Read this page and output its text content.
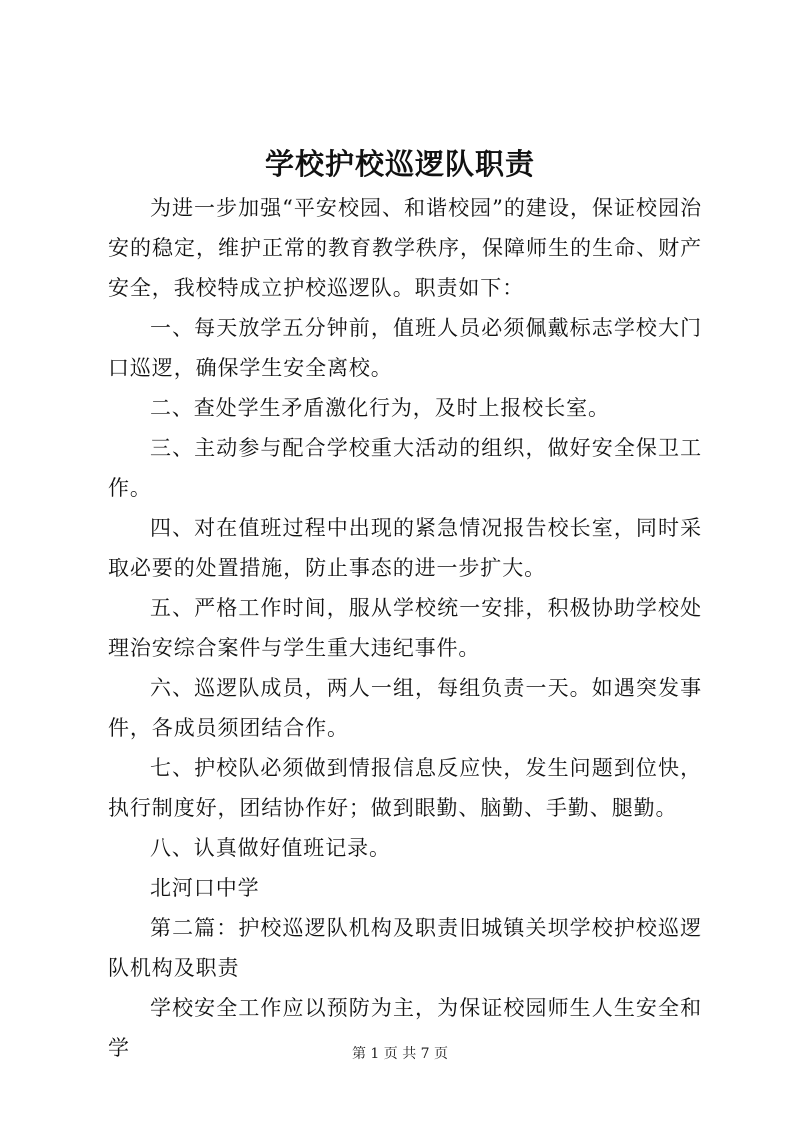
学校护校巡逻队职责

为进一步加强“平安校园、和谐校园”的建设，保证校园治安的稳定，维护正常的教育教学秩序，保障师生的生命、财产安全，我校特成立护校巡逻队。职责如下：

一、每天放学五分钟前，值班人员必须佩戴标志学校大门口巡逻，确保学生安全离校。

二、查处学生矛盾激化行为，及时上报校长室。

三、主动参与配合学校重大活动的组织，做好安全保卫工作。

四、对在值班过程中出现的紧急情况报告校长室，同时采取必要的处置措施，防止事态的进一步扩大。

五、严格工作时间，服从学校统一安排，积极协助学校处理治安综合案件与学生重大违纪事件。

六、巡逻队成员，两人一组，每组负责一天。如遇突发事件，各成员须团结合作。

七、护校队必须做到情报信息反应快，发生问题到位快，执行制度好，团结协作好；做到眼勤、脑勤、手勤、腿勤。

八、认真做好值班记录。

北河口中学

第二篇：护校巡逻队机构及职责旧城镇关坝学校护校巡逻队机构及职责

学校安全工作应以预防为主，为保证校园师生人生安全和学	第 1 页 共 7 页
